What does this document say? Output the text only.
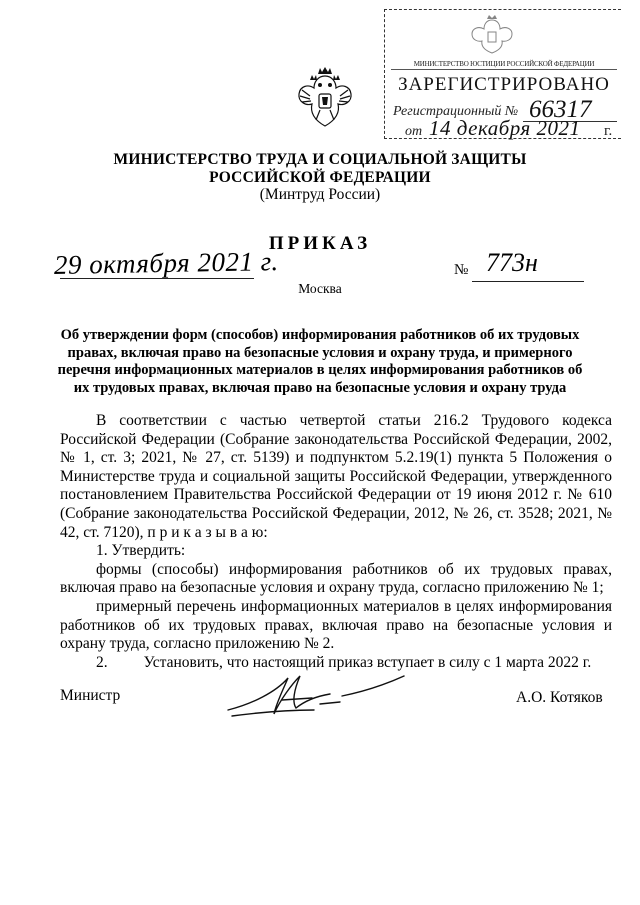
МИНИСТЕРСТВО ЮСТИЦИИ РОССИЙСКОЙ ФЕДЕРАЦИИ
ЗАРЕГИСТРИРОВАНО
Регистрационный № 66317
от 14 декабря 2021 г.
МИНИСТЕРСТВО ТРУДА И СОЦИАЛЬНОЙ ЗАЩИТЫ
РОССИЙСКОЙ ФЕДЕРАЦИИ
(Минтруд России)
ПРИКАЗ
29 октября 2021 г.
Москва
№ 773н

Об утверждении форм (способов) информирования работников об их трудовых правах, включая право на безопасные условия и охрану труда, и примерного перечня информационных материалов в целях информирования работников об их трудовых правах, включая право на безопасные условия и охрану труда

В соответствии с частью четвертой статьи 216.2 Трудового кодекса Российской Федерации (Собрание законодательства Российской Федерации, 2002, № 1, ст. 3; 2021, № 27, ст. 5139) и подпунктом 5.2.19(1) пункта 5 Положения о Министерстве труда и социальной защиты Российской Федерации, утвержденного постановлением Правительства Российской Федерации от 19 июня 2012 г. № 610 (Собрание законодательства Российской Федерации, 2012, № 26, ст. 3528; 2021, № 42, ст. 7120), п р и к а з ы в а ю:

1. Утвердить:

формы (способы) информирования работников об их трудовых правах, включая право на безопасные условия и охрану труда, согласно приложению № 1;

примерный перечень информационных материалов в целях информирования работников об их трудовых правах, включая право на безопасные условия и охрану труда, согласно приложению № 2.

2. Установить, что настоящий приказ вступает в силу с 1 марта 2022 г.

Министр	А.О. Котяков
